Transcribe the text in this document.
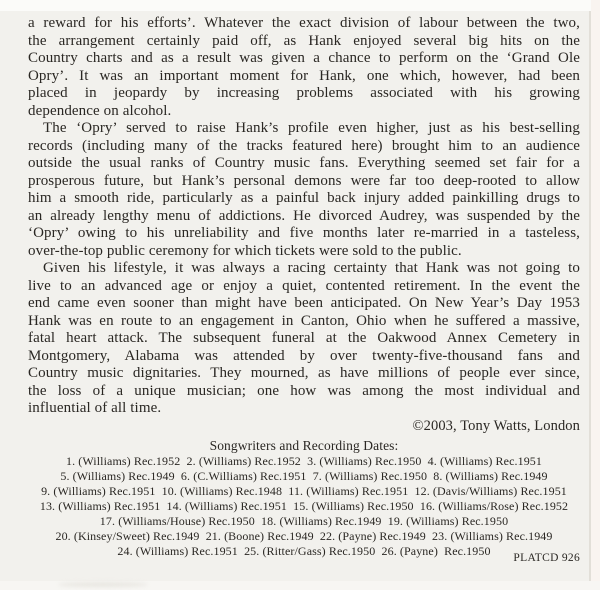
a reward for his efforts’. Whatever the exact division of labour between the two,
the arrangement certainly paid off, as Hank enjoyed several big hits on the
Country charts and as a result was given a chance to perform on the ‘Grand Ole
Opry’. It was an important moment for Hank, one which, however, had been
placed in jeopardy by increasing problems associated with his growing
dependence on alcohol.
The ‘Opry’ served to raise Hank’s profile even higher, just as his best-selling
records (including many of the tracks featured here) brought him to an audience
outside the usual ranks of Country music fans. Everything seemed set fair for a
prosperous future, but Hank’s personal demons were far too deep-rooted to allow
him a smooth ride, particularly as a painful back injury added painkilling drugs to
an already lengthy menu of addictions. He divorced Audrey, was suspended by the
‘Opry’ owing to his unreliability and five months later re-married in a tasteless,
over-the-top public ceremony for which tickets were sold to the public.
Given his lifestyle, it was always a racing certainty that Hank was not going to
live to an advanced age or enjoy a quiet, contented retirement. In the event the
end came even sooner than might have been anticipated. On New Year’s Day 1953
Hank was en route to an engagement in Canton, Ohio when he suffered a massive,
fatal heart attack. The subsequent funeral at the Oakwood Annex Cemetery in
Montgomery, Alabama was attended by over twenty-five-thousand fans and
Country music dignitaries. They mourned, as have millions of people ever since,
the loss of a unique musician; one how was among the most individual and
influential of all time.
©2003, Tony Watts, London
Songwriters and Recording Dates:
1. (Williams) Rec.1952  2. (Williams) Rec.1952  3. (Williams) Rec.1950  4. (Williams) Rec.1951
5. (Williams) Rec.1949  6. (C.Williams) Rec.1951  7. (Williams) Rec.1950  8. (Williams) Rec.1949
9. (Williams) Rec.1951  10. (Williams) Rec.1948  11. (Williams) Rec.1951  12. (Davis/Williams) Rec.1951
13. (Williams) Rec.1951  14. (Williams) Rec.1951  15. (Williams) Rec.1950  16. (Williams/Rose) Rec.1952
17. (Williams/House) Rec.1950  18. (Williams) Rec.1949  19. (Williams) Rec.1950
20. (Kinsey/Sweet) Rec.1949  21. (Boone) Rec.1949  22. (Payne) Rec.1949  23. (Williams) Rec.1949
24. (Williams) Rec.1951  25. (Ritter/Gass) Rec.1950  26. (Payne)  Rec.1950	PLATCD 926
